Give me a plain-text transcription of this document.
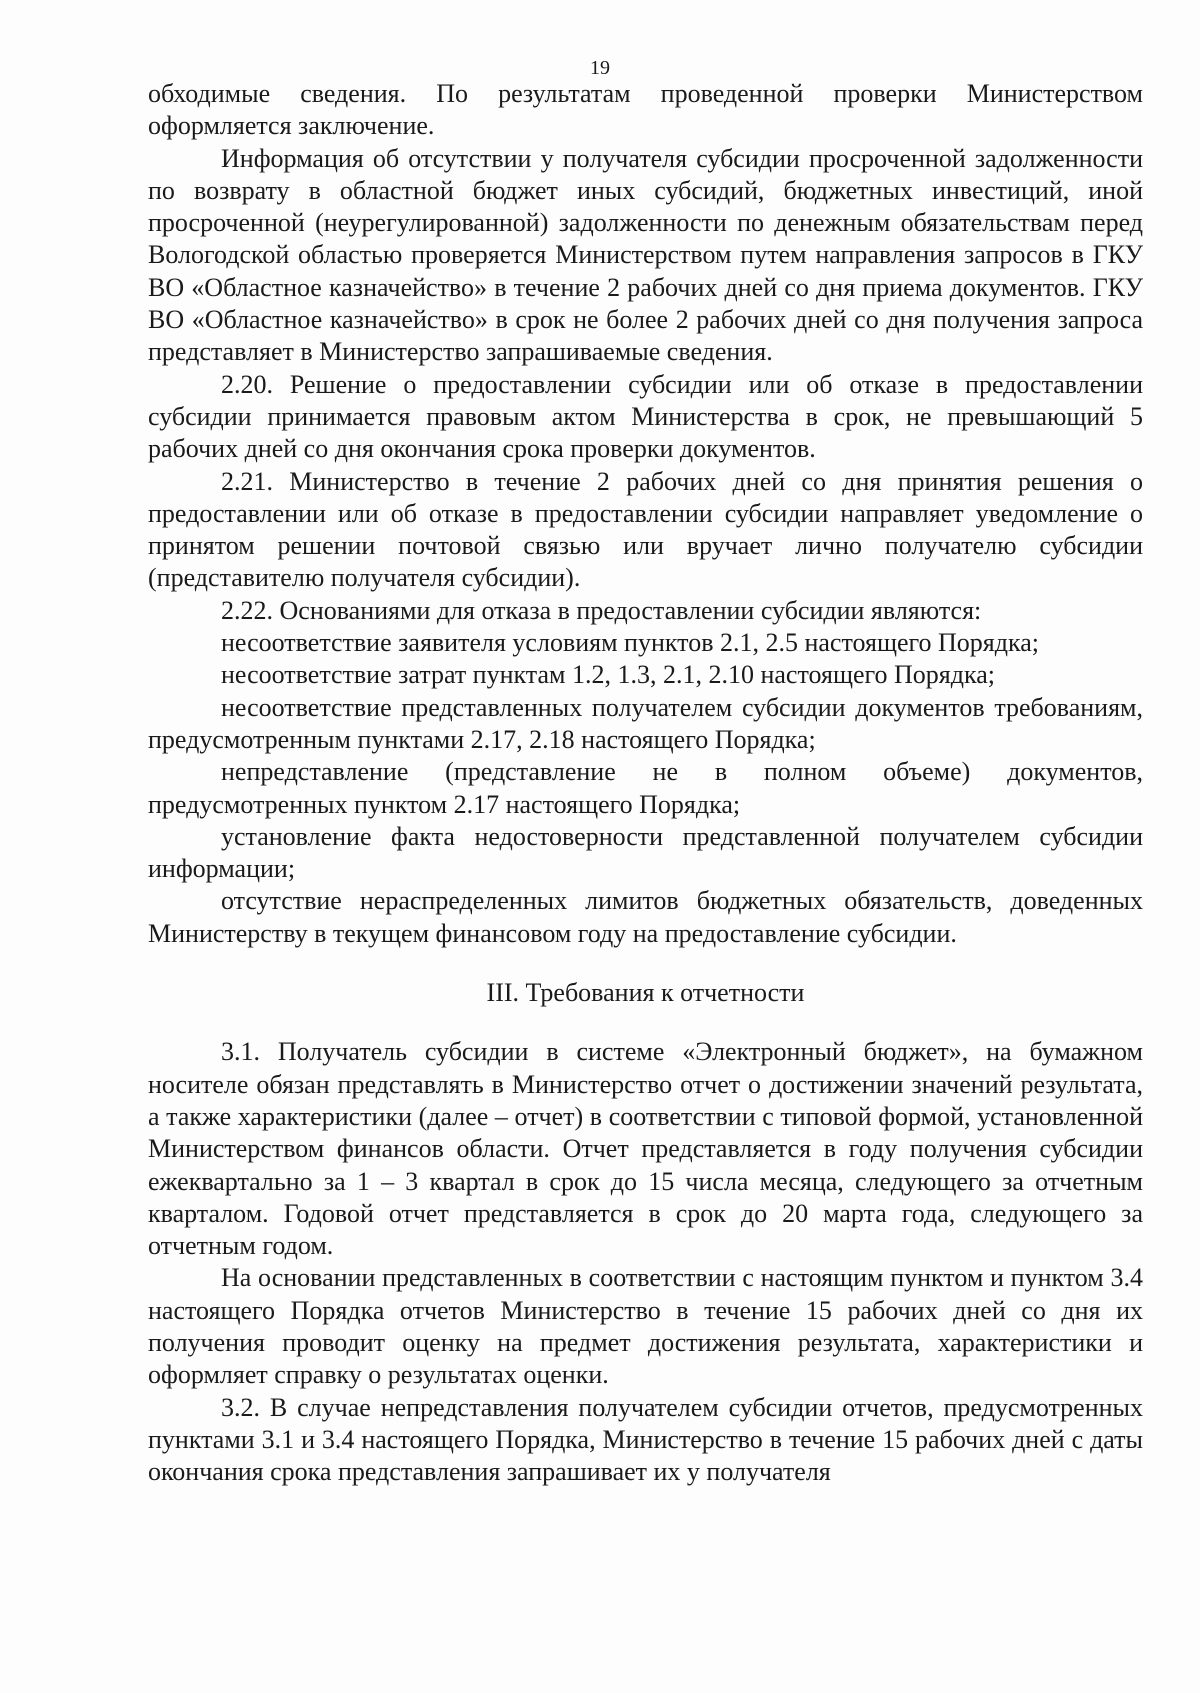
19

обходимые сведения. По результатам проведенной проверки Министерством оформляется заключение.

Информация об отсутствии у получателя субсидии просроченной задолженности по возврату в областной бюджет иных субсидий, бюджетных инвестиций, иной просроченной (неурегулированной) задолженности по денежным обязательствам перед Вологодской областью проверяется Министерством путем направления запросов в ГКУ ВО «Областное казначейство» в течение 2 рабочих дней со дня приема документов. ГКУ ВО «Областное казначейство» в срок не более 2 рабочих дней со дня получения запроса представляет в Министерство запрашиваемые сведения.

2.20. Решение о предоставлении субсидии или об отказе в предоставлении субсидии принимается правовым актом Министерства в срок, не превышающий 5 рабочих дней со дня окончания срока проверки документов.

2.21. Министерство в течение 2 рабочих дней со дня принятия решения о предоставлении или об отказе в предоставлении субсидии направляет уведомление о принятом решении почтовой связью или вручает лично получателю субсидии (представителю получателя субсидии).

2.22. Основаниями для отказа в предоставлении субсидии являются:

несоответствие заявителя условиям пунктов 2.1, 2.5 настоящего Порядка;

несоответствие затрат пунктам 1.2, 1.3, 2.1, 2.10 настоящего Порядка;

несоответствие представленных получателем субсидии документов требованиям, предусмотренным пунктами 2.17, 2.18 настоящего Порядка;

непредставление (представление не в полном объеме) документов, предусмотренных пунктом 2.17 настоящего Порядка;

установление факта недостоверности представленной получателем субсидии информации;

отсутствие нераспределенных лимитов бюджетных обязательств, доведенных Министерству в текущем финансовом году на предоставление субсидии.

III. Требования к отчетности

3.1. Получатель субсидии в системе «Электронный бюджет», на бумажном носителе обязан представлять в Министерство отчет о достижении значений результата, а также характеристики (далее – отчет) в соответствии с типовой формой, установленной Министерством финансов области. Отчет представляется в году получения субсидии ежеквартально за 1 – 3 квартал в срок до 15 числа месяца, следующего за отчетным кварталом. Годовой отчет представляется в срок до 20 марта года, следующего за отчетным годом.

На основании представленных в соответствии с настоящим пунктом и пунктом 3.4 настоящего Порядка отчетов Министерство в течение 15 рабочих дней со дня их получения проводит оценку на предмет достижения результата, характеристики и оформляет справку о результатах оценки.

3.2. В случае непредставления получателем субсидии отчетов, предусмотренных пунктами 3.1 и 3.4 настоящего Порядка, Министерство в течение 15 рабочих дней с даты окончания срока представления запрашивает их у получателя
